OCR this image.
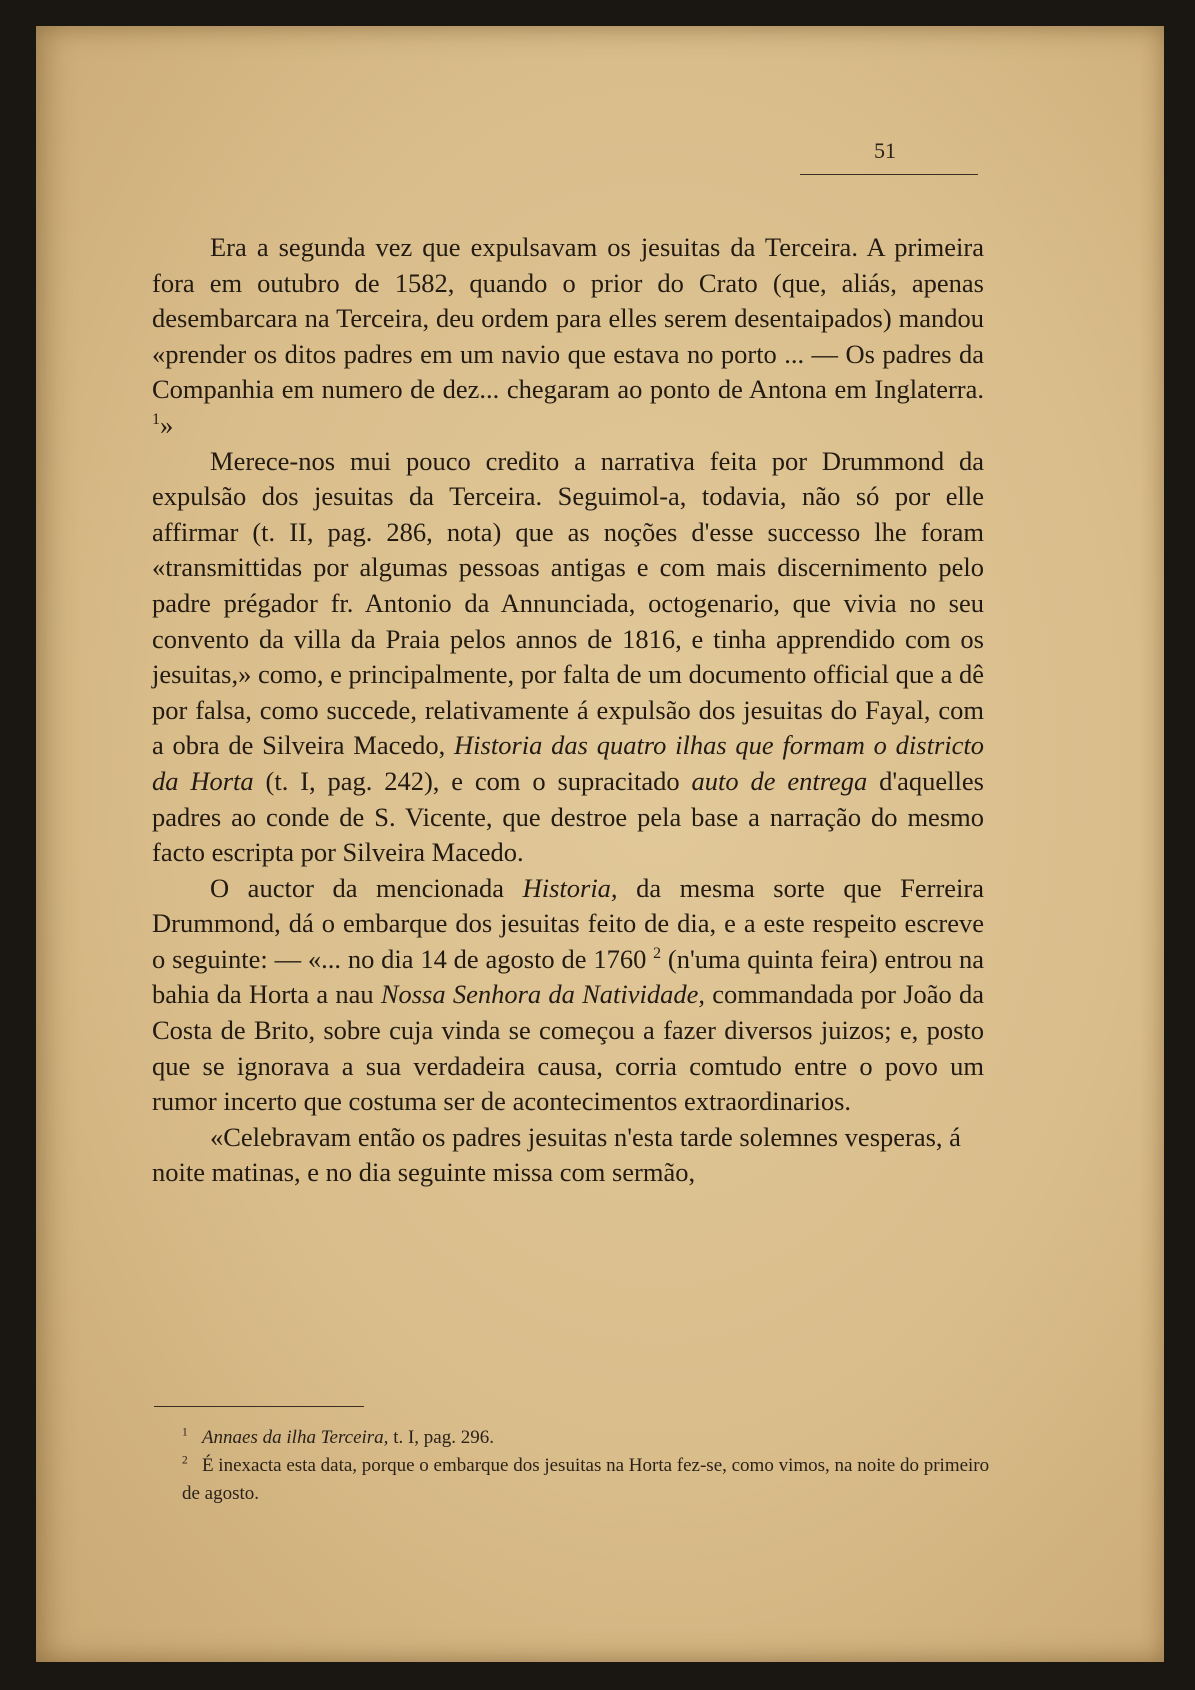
51

Era a segunda vez que expulsavam os jesuitas da Terceira. A primeira fora em outubro de 1582, quando o prior do Crato (que, aliás, apenas desembarcara na Terceira, deu ordem para elles serem desentaipados) mandou «prender os ditos padres em um navio que estava no porto ... — Os padres da Companhia em numero de dez... chegaram ao ponto de Antona em Inglaterra. $^1$»

Merece-nos mui pouco credito a narrativa feita por Drummond da expulsão dos jesuitas da Terceira. Seguimol-a, todavia, não só por elle affirmar (t. II, pag. 286, nota) que as noções d'esse successo lhe foram «transmittidas por algumas pessoas antigas e com mais discernimento pelo padre prégador fr. Antonio da Annunciada, octogenario, que vivia no seu convento da villa da Praia pelos annos de 1816, e tinha apprendido com os jesuitas,» como, e principalmente, por falta de um documento official que a dê por falsa, como succede, relativamente á expulsão dos jesuitas do Fayal, com a obra de Silveira Macedo, Historia das quatro ilhas que formam o districto da Horta (t. I, pag. 242), e com o supracitado auto de entrega d'aquelles padres ao conde de S. Vicente, que destroe pela base a narração do mesmo facto escripta por Silveira Macedo.

O auctor da mencionada Historia, da mesma sorte que Ferreira Drummond, dá o embarque dos jesuitas feito de dia, e a este respeito escreve o seguinte: — «... no dia 14 de agosto de 1760 $^2$ (n'uma quinta feira) entrou na bahia da Horta a nau Nossa Senhora da Natividade, commandada por João da Costa de Brito, sobre cuja vinda se começou a fazer diversos juizos; e, posto que se ignorava a sua verdadeira causa, corria comtudo entre o povo um rumor incerto que costuma ser de acontecimentos extraordinarios.

«Celebravam então os padres jesuitas n'esta tarde solemnes vesperas, á noite matinas, e no dia seguinte missa com sermão,

$^1$ Annaes da ilha Terceira, t. I, pag. 296.

$^2$ É inexacta esta data, porque o embarque dos jesuitas na Horta fez-se, como vimos, na noite do primeiro de agosto.
